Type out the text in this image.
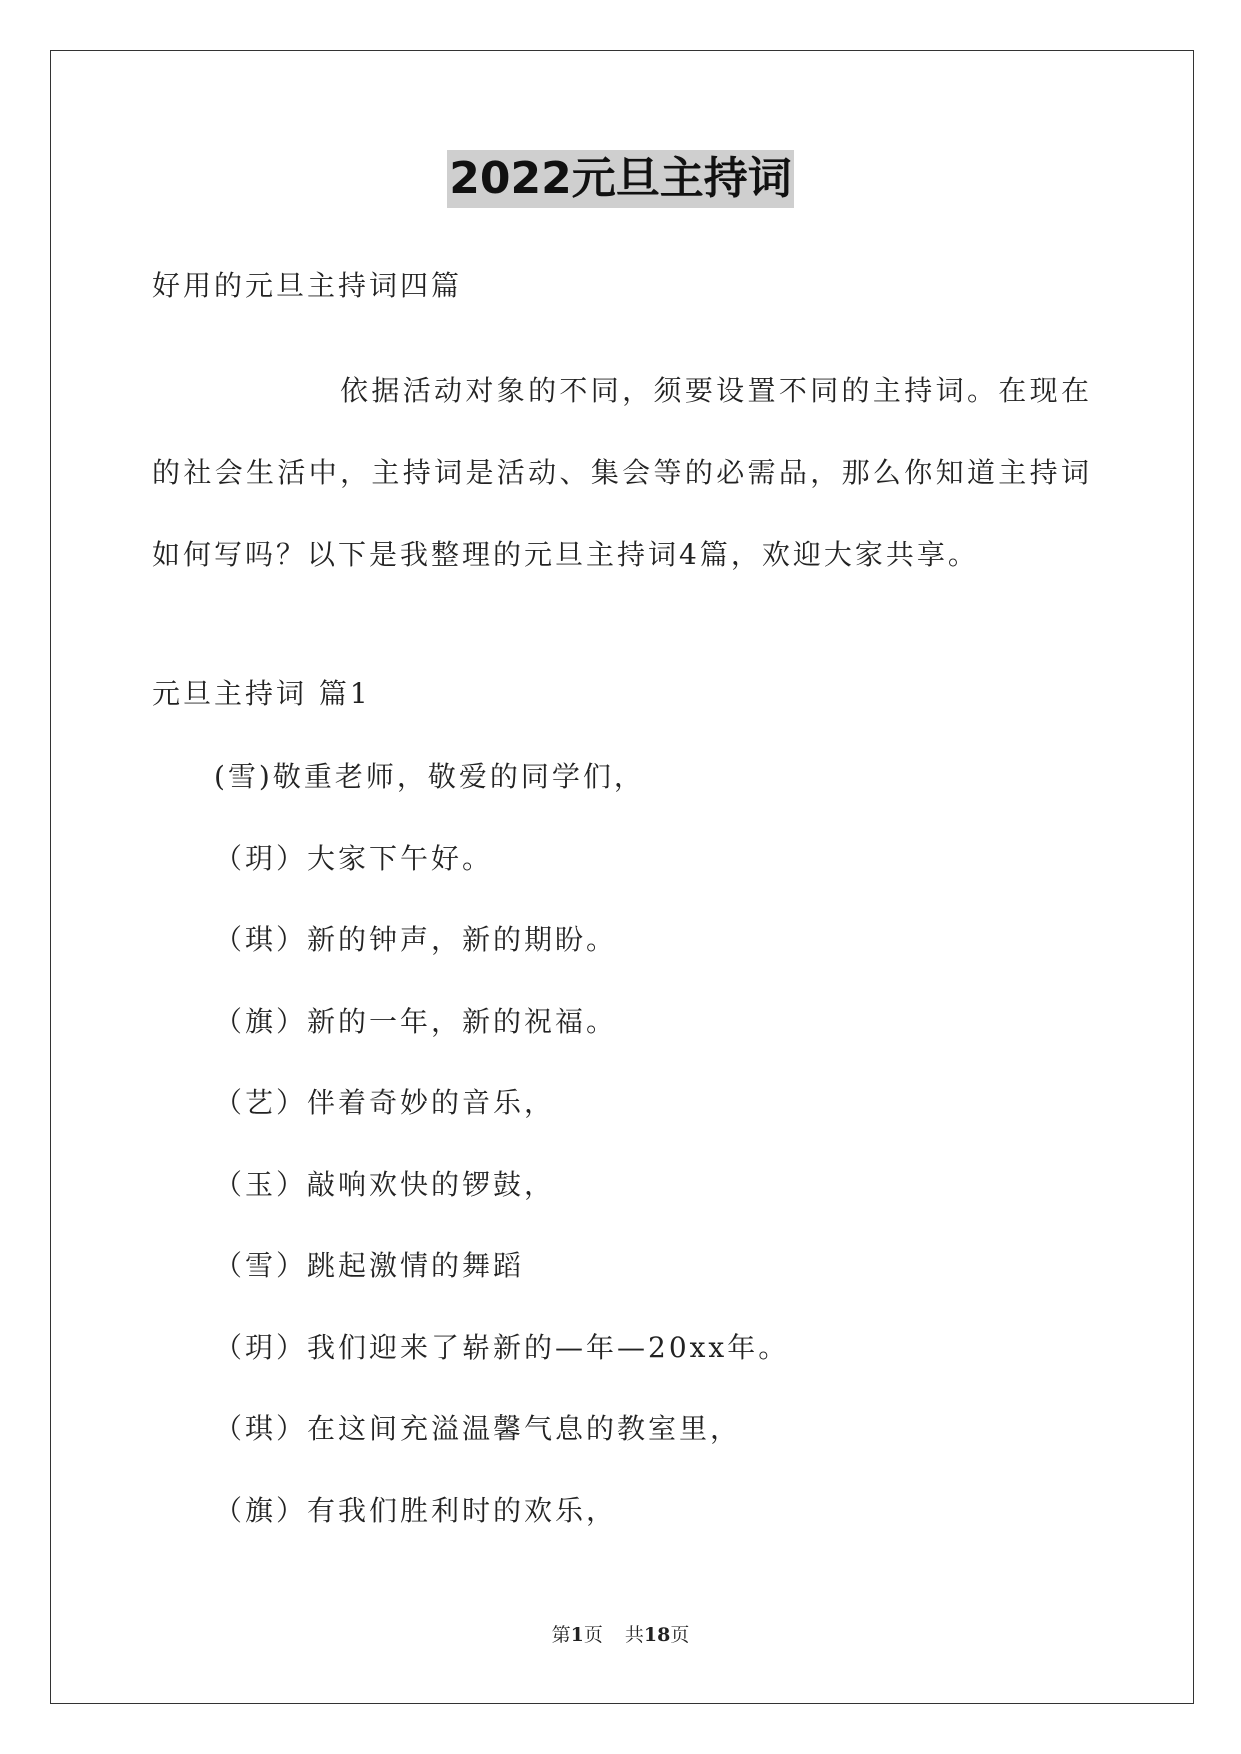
2022元旦主持词
好用的元旦主持词四篇

依据活动对象的不同，须要设置不同的主持词。在现在的社会生活中，主持词是活动、集会等的必需品，那么你知道主持词如何写吗？以下是我整理的元旦主持词4篇，欢迎大家共享。

元旦主持词 篇1
(雪)敬重老师，敬爱的同学们，
（玥）大家下午好。
（琪）新的钟声，新的期盼。
（旗）新的一年，新的祝福。
（艺）伴着奇妙的音乐，
（玉）敲响欢快的锣鼓，
（雪）跳起激情的舞蹈
（玥）我们迎来了崭新的—年—20xx年。
（琪）在这间充溢温馨气息的教室里，
（旗）有我们胜利时的欢乐，
第1页 共18页
